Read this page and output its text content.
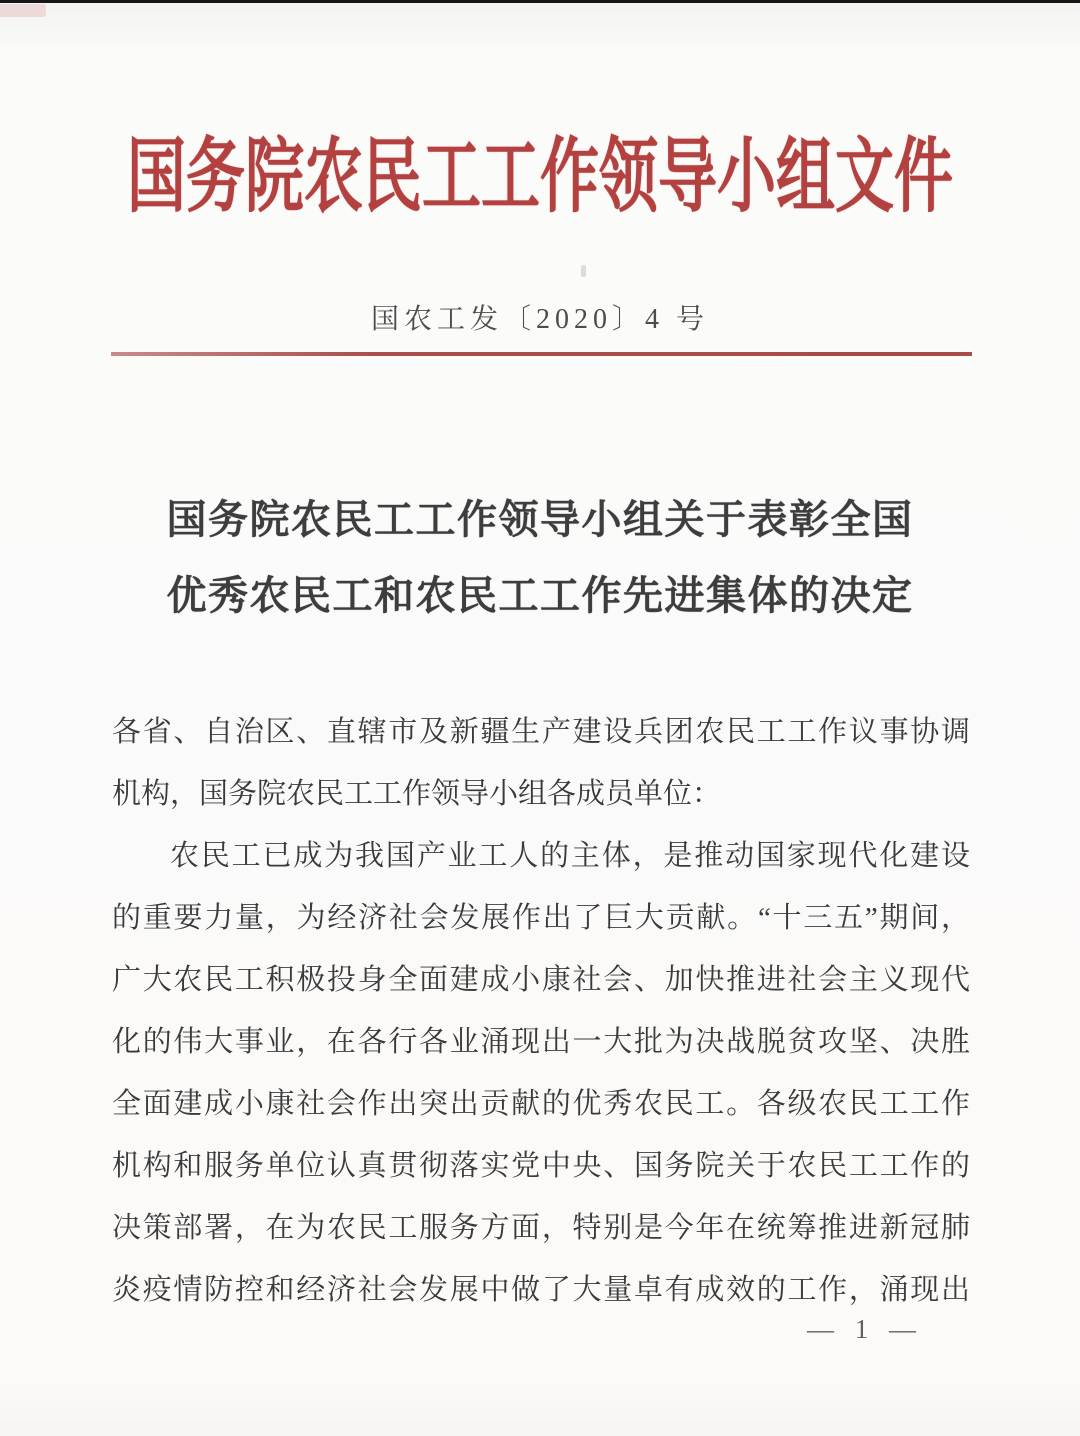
国务院农民工工作领导小组文件
国农工发〔2020〕4 号
国务院农民工工作领导小组关于表彰全国
优秀农民工和农民工工作先进集体的决定
各省、自治区、直辖市及新疆生产建设兵团农民工工作议事协调
机构，国务院农民工工作领导小组各成员单位：
农民工已成为我国产业工人的主体，是推动国家现代化建设
的重要力量，为经济社会发展作出了巨大贡献。“十三五”期间，
广大农民工积极投身全面建成小康社会、加快推进社会主义现代
化的伟大事业，在各行各业涌现出一大批为决战脱贫攻坚、决胜
全面建成小康社会作出突出贡献的优秀农民工。各级农民工工作
机构和服务单位认真贯彻落实党中央、国务院关于农民工工作的
决策部署，在为农民工服务方面，特别是今年在统筹推进新冠肺
炎疫情防控和经济社会发展中做了大量卓有成效的工作，涌现出
— 1 —
